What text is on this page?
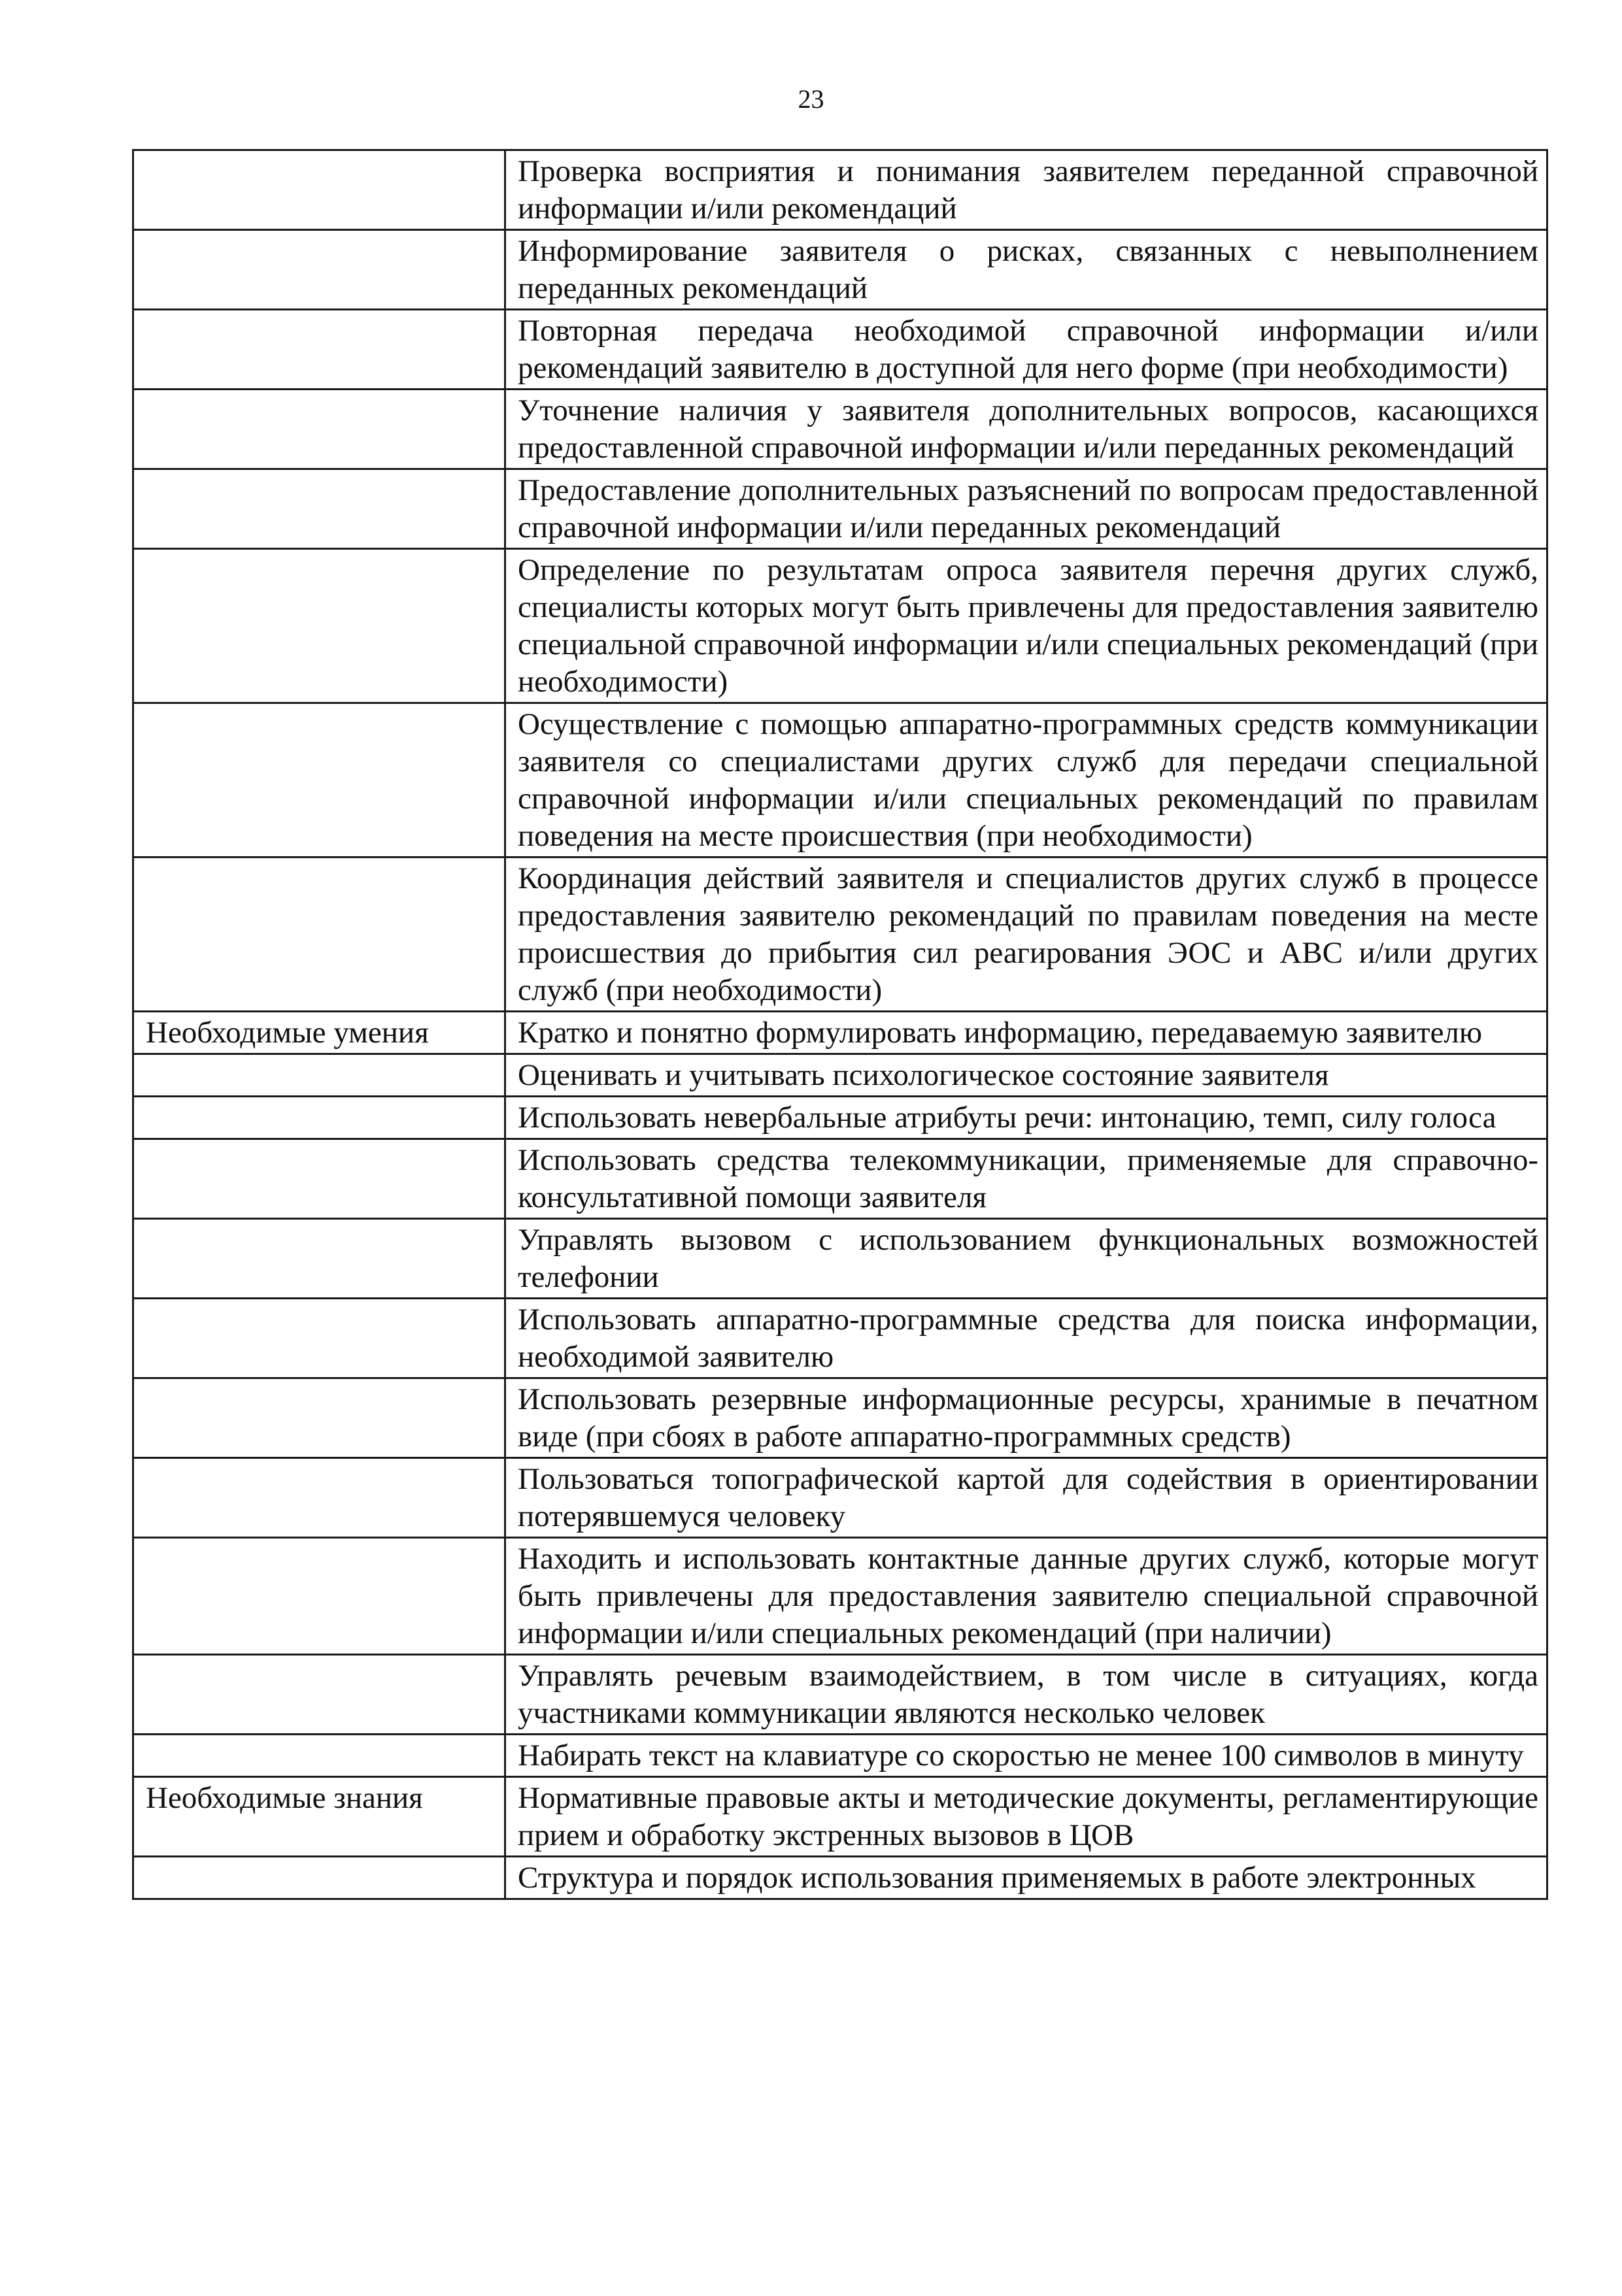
23
	Проверка восприятия и понимания заявителем переданной справочной информации и/или рекомендаций
	Информирование заявителя о рисках, связанных с невыполнением переданных рекомендаций
	Повторная передача необходимой справочной информации и/или рекомендаций заявителю в доступной для него форме (при необходимости)
	Уточнение наличия у заявителя дополнительных вопросов, касающихся предоставленной справочной информации и/или переданных рекомендаций
	Предоставление дополнительных разъяснений по вопросам предоставленной справочной информации и/или переданных рекомендаций
	Определение по результатам опроса заявителя перечня других служб, специалисты которых могут быть привлечены для предоставления заявителю специальной справочной информации и/или специальных рекомендаций (при необходимости)
	Осуществление с помощью аппаратно-программных средств коммуникации заявителя со специалистами других служб для передачи специальной справочной информации и/или специальных рекомендаций по правилам поведения на месте происшествия (при необходимости)
	Координация действий заявителя и специалистов других служб в процессе предоставления заявителю рекомендаций по правилам поведения на месте происшествия до прибытия сил реагирования ЭОС и АВС и/или других служб (при необходимости)
Необходимые умения	Кратко и понятно формулировать информацию, передаваемую заявителю
	Оценивать и учитывать психологическое состояние заявителя
	Использовать невербальные атрибуты речи: интонацию, темп, силу голоса
	Использовать средства телекоммуникации, применяемые для справочно-консультативной помощи заявителя
	Управлять вызовом с использованием функциональных возможностей телефонии
	Использовать аппаратно-программные средства для поиска информации, необходимой заявителю
	Использовать резервные информационные ресурсы, хранимые в печатном виде (при сбоях в работе аппаратно-программных средств)
	Пользоваться топографической картой для содействия в ориентировании потерявшемуся человеку
	Находить и использовать контактные данные других служб, которые могут быть привлечены для предоставления заявителю специальной справочной информации и/или специальных рекомендаций (при наличии)
	Управлять речевым взаимодействием, в том числе в ситуациях, когда участниками коммуникации являются несколько человек
	Набирать текст на клавиатуре со скоростью не менее 100 символов в минуту
Необходимые знания	Нормативные правовые акты и методические документы, регламентирующие прием и обработку экстренных вызовов в ЦОВ
	Структура и порядок использования применяемых в работе электронных
